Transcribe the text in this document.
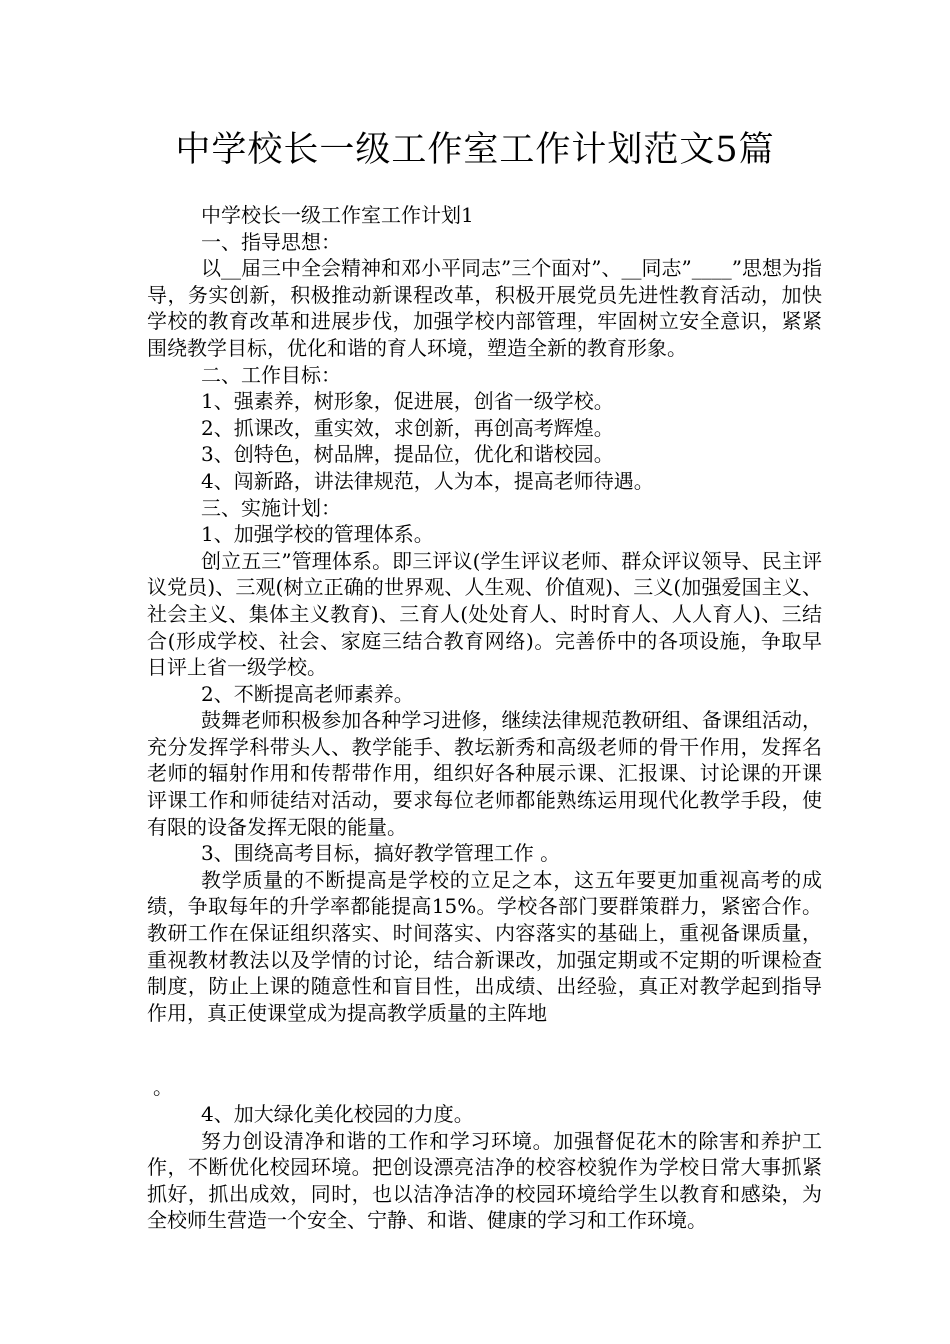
中学校长一级工作室工作计划范文5篇

中学校长一级工作室工作计划1

一、指导思想：

以__届三中全会精神和邓小平同志”三个面对”、__同志”____”思想为指导，务实创新，积极推动新课程改革，积极开展党员先进性教育活动，加快学校的教育改革和进展步伐，加强学校内部管理，牢固树立安全意识，紧紧围绕教学目标，优化和谐的育人环境，塑造全新的教育形象。

二、工作目标：

1、强素养，树形象，促进展，创省一级学校。

2、抓课改，重实效，求创新，再创高考辉煌。

3、创特色，树品牌，提品位，优化和谐校园。

4、闯新路，讲法律规范，人为本，提高老师待遇。

三、实施计划：

1、加强学校的管理体系。

创立五三”管理体系。即三评议(学生评议老师、群众评议领导、民主评议党员)、三观(树立正确的世界观、人生观、价值观)、三义(加强爱国主义、社会主义、集体主义教育)、三育人(处处育人、时时育人、人人育人)、三结合(形成学校、社会、家庭三结合教育网络)。完善侨中的各项设施，争取早日评上省一级学校。

2、不断提高老师素养。

鼓舞老师积极参加各种学习进修，继续法律规范教研组、备课组活动，充分发挥学科带头人、教学能手、教坛新秀和高级老师的骨干作用，发挥名老师的辐射作用和传帮带作用，组织好各种展示课、汇报课、讨论课的开课评课工作和师徒结对活动，要求每位老师都能熟练运用现代化教学手段，使有限的设备发挥无限的能量。

3、围绕高考目标，搞好教学管理工作 。

教学质量的不断提高是学校的立足之本，这五年要更加重视高考的成绩，争取每年的升学率都能提高15%。学校各部门要群策群力，紧密合作。教研工作在保证组织落实、时间落实、内容落实的基础上，重视备课质量，重视教材教法以及学情的讨论，结合新课改，加强定期或不定期的听课检查制度，防止上课的随意性和盲目性，出成绩、出经验，真正对教学起到指导作用，真正使课堂成为提高教学质量的主阵地

。

4、加大绿化美化校园的力度。

努力创设清净和谐的工作和学习环境。加强督促花木的除害和养护工作，不断优化校园环境。把创设漂亮洁净的校容校貌作为学校日常大事抓紧抓好，抓出成效，同时，也以洁净洁净的校园环境给学生以教育和感染，为全校师生营造一个安全、宁静、和谐、健康的学习和工作环境。
